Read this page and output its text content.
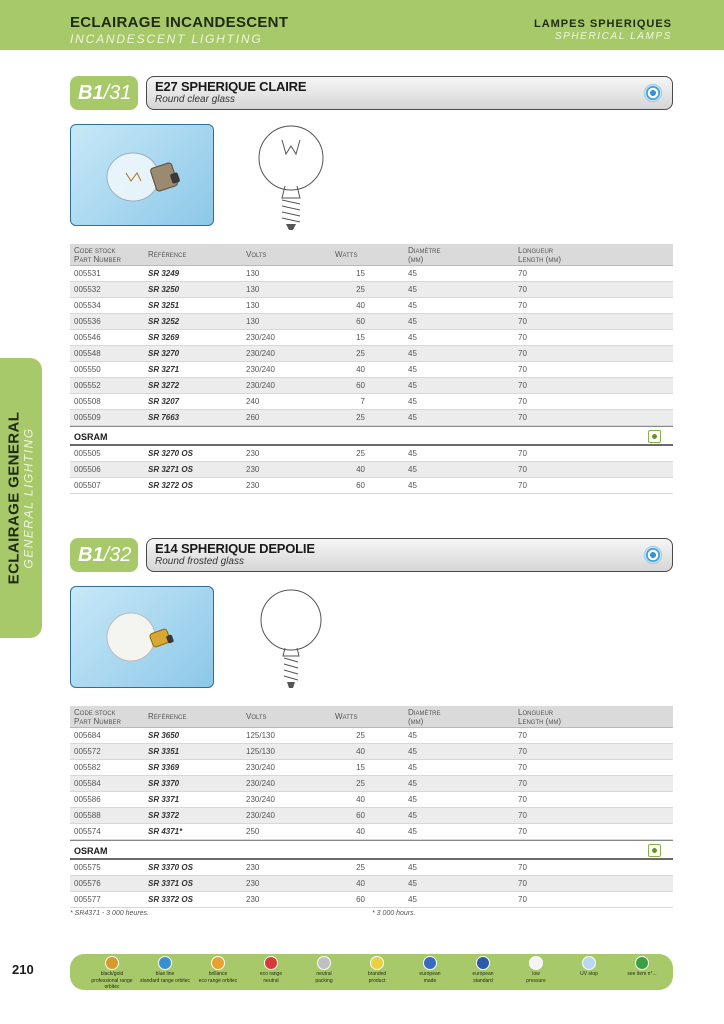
ECLAIRAGE INCANDESCENT
INCANDESCENT LIGHTING
LAMPES SPHERIQUES
SPHERICAL LAMPS
ECLAIRAGE GENERAL GENERAL LIGHTING
B1/31	E27 SPHERIQUE CLAIRE
Round clear glass
Code stock
Part Number
Référence	Volts	Watts	Diamètre
(mm)
Longueur
Length (mm)
005531	SR 3249	130	15	45	70
005532	SR 3250	130	25	45	70
005534	SR 3251	130	40	45	70
005536	SR 3252	130	60	45	70
005546	SR 3269	230/240	15	45	70
005548	SR 3270	230/240	25	45	70
005550	SR 3271	230/240	40	45	70
005552	SR 3272	230/240	60	45	70
005508	SR 3207	240	7	45	70
005509	SR 7663	260	25	45	70
OSRAM
005505	SR 3270 OS	230	25	45	70
005506	SR 3271 OS	230	40	45	70
005507	SR 3272 OS	230	60	45	70
B1/32	E14 SPHERIQUE DEPOLIE
Round frosted glass
Code stock
Part Number
Référence	Volts	Watts	Diamètre
(mm)
Longueur
Length (mm)
005684	SR 3650	125/130	25	45	70
005572	SR 3351	125/130	40	45	70
005582	SR 3369	230/240	15	45	70
005584	SR 3370	230/240	25	45	70
005586	SR 3371	230/240	40	45	70
005588	SR 3372	230/240	60	45	70
005574	SR 4371*	250	40	45	70
OSRAM
005575	SR 3370 OS	230	25	45	70
005576	SR 3371 OS	230	40	45	70
005577	SR 3372 OS	230	60	45	70
* SR4371 - 3 000 heures.	* 3 000 hours.
210	black/gold
professional range orbitec
blue line
standard range orbitec
brillance
eco range orbitec
eco range
neutral
neutral
packing
branded
product
european
made
european
standard
low
pressure
UV stop	see item n°...
